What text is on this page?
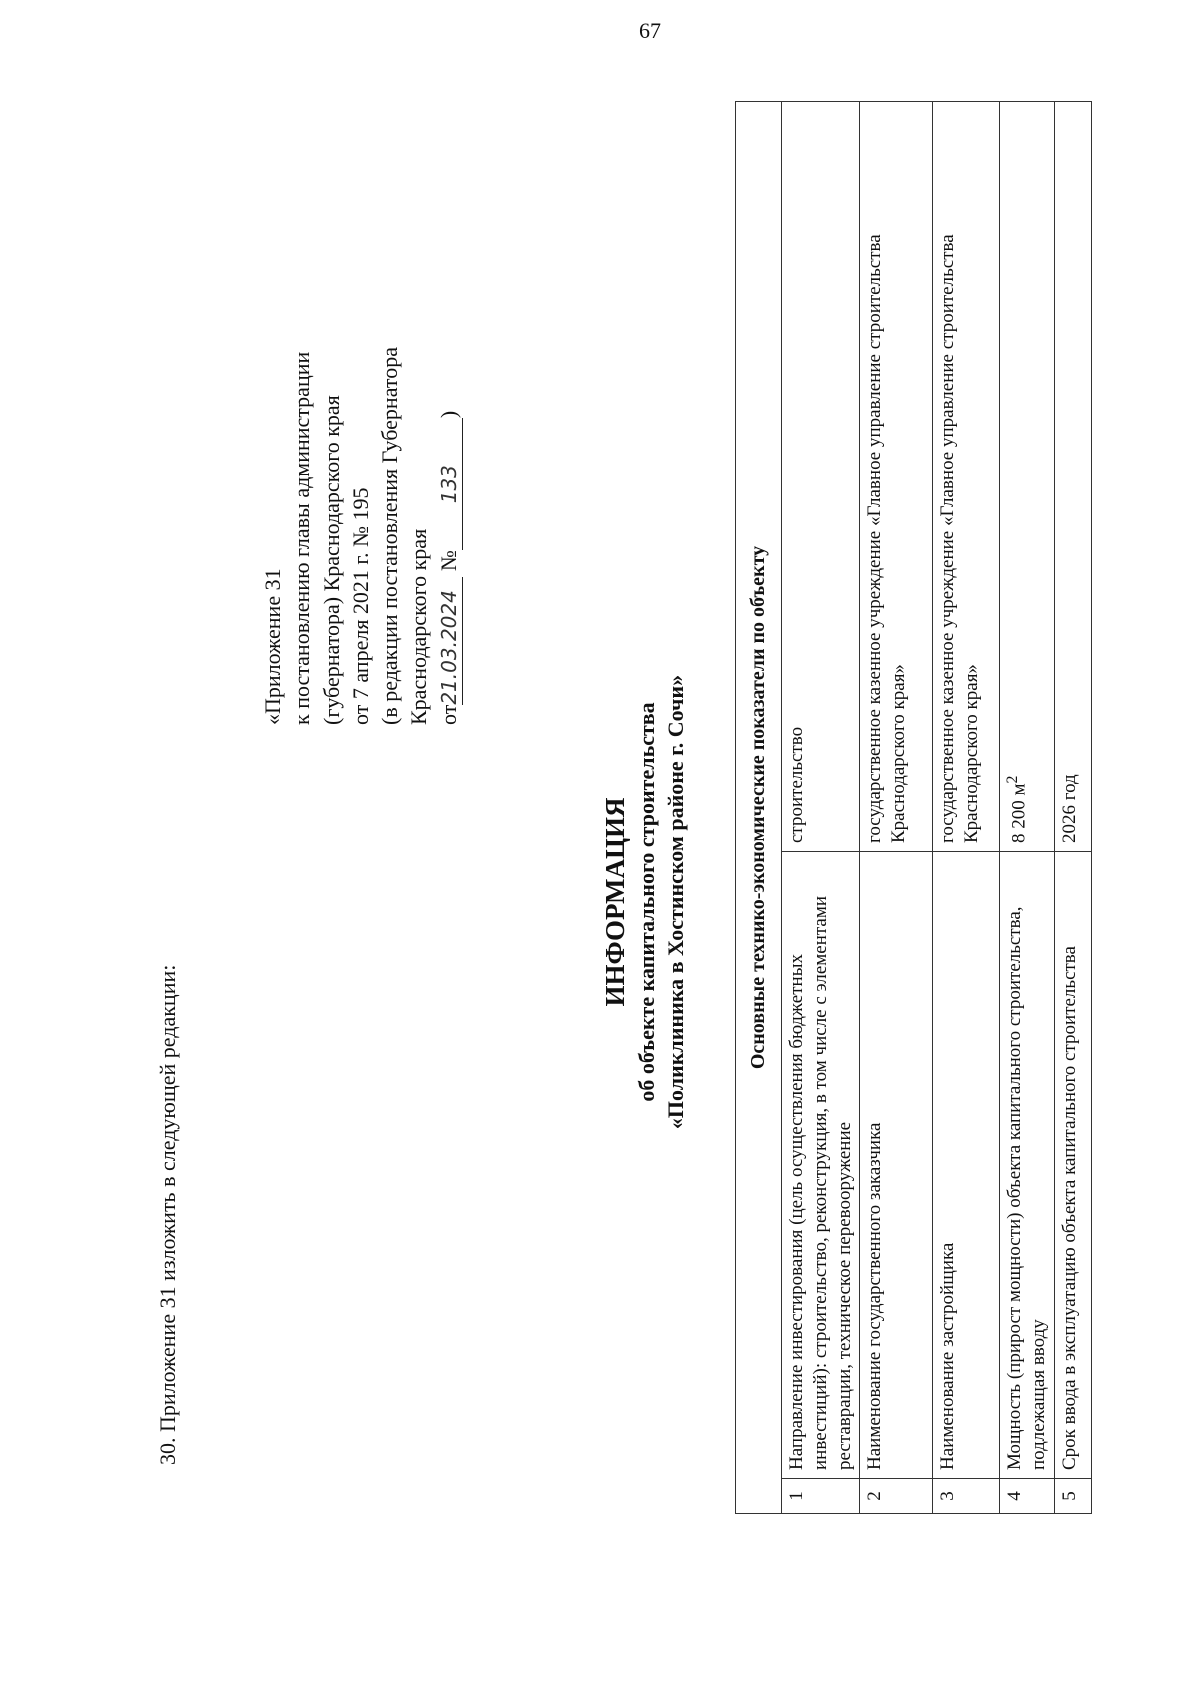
67
30. Приложение 31 изложить в следующей редакции:
«Приложение 31 к постановлению главы администрации (губернатора) Краснодарского края от 7 апреля 2021 г. № 195 (в редакции постановления Губернатора Краснодарского края от21.03.2024 №133)
ИНФОРМАЦИЯ об объекте капитального строительства «Поликлиника в Хостинском районе г. Сочи»	Основные технико-экономические показатели по объекту		
1	Направление инвестирования (цель осуществления бюджетных инвестиций): строительство, реконструкция, в том числе с элементами реставрации, техническое перевооружение	строительство
2	Наименование государственного заказчика	государственное казенное учреждение «Главное управление строительства Краснодарского края»
3	Наименование застройщика	государственное казенное учреждение «Главное управление строительства Краснодарского края»
4	Мощность (прирост мощности) объекта капитального строительства, подлежащая вводу	8 200 $м^2$
5	Срок ввода в эксплуатацию объекта капитального строительства	2026 год
